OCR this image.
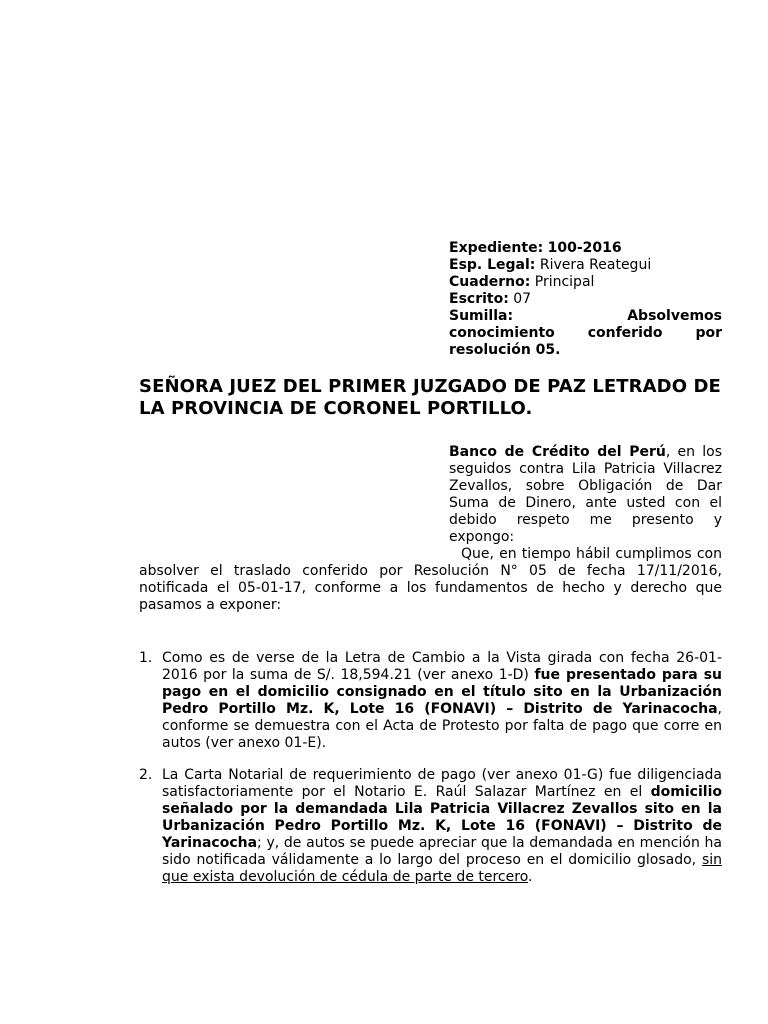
Expediente: 100-2016
Esp. Legal: Rivera Reategui
Cuaderno: Principal
Escrito: 07
Sumilla:	Absolvemos conocimiento conferido por resolución 05.
SEÑORA JUEZ DEL PRIMER JUZGADO DE PAZ LETRADO DE LA PROVINCIA DE CORONEL PORTILLO.
Banco de Crédito del Perú, en los seguidos contra Lila Patricia Villacrez Zevallos, sobre Obligación de Dar Suma de Dinero, ante usted con el debido respeto me presento y expongo:
Que, en tiempo hábil cumplimos con absolver el traslado conferido por Resolución N° 05 de fecha 17/11/2016, notificada el 05-01-17, conforme a los fundamentos de hecho y derecho que pasamos a exponer:
1. Como es de verse de la Letra de Cambio a la Vista girada con fecha 26-01-2016 por la suma de S/. 18,594.21 (ver anexo 1-D) fue presentado para su pago en el domicilio consignado en el título sito en la Urbanización Pedro Portillo Mz. K, Lote 16 (FONAVI) – Distrito de Yarinacocha, conforme se demuestra con el Acta de Protesto por falta de pago que corre en autos (ver anexo 01-E).
2. La Carta Notarial de requerimiento de pago (ver anexo 01-G) fue diligenciada satisfactoriamente por el Notario E. Raúl Salazar Martínez en el domicilio señalado por la demandada Lila Patricia Villacrez Zevallos sito en la Urbanización Pedro Portillo Mz. K, Lote 16 (FONAVI) – Distrito de Yarinacocha; y, de autos se puede apreciar que la demandada en mención ha sido notificada válidamente a lo largo del proceso en el domicilio glosado, sin que exista devolución de cédula de parte de tercero.
